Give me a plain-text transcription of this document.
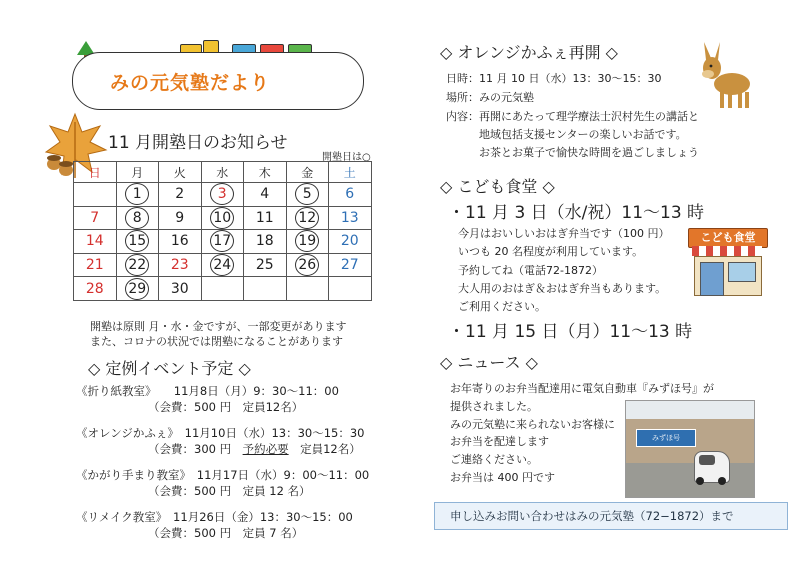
みの元気塾だより
11 月開塾日のお知らせ
開塾日は○
日	月	火	水	木	金	土
	1	2	3	4	5	6
7	8	9	10	11	12	13
14	15	16	17	18	19	20
21	22	23	24	25	26	27
28	29	30				
開塾は原則 月・水・金ですが、一部変更があります
また、コロナの状況では閉塾になることがあります
◇ 定例イベント予定 ◇
《折り紙教室》　　11月8日（月）9：30～11：00
（会費：500 円　定員12名）
《オレンジかふぇ》　11月10日（水）13：30～15：30
（会費：300 円　予約必要　定員12名）
《かがり手まり教室》　11月17日（水）9：00～11：00
（会費：500 円　定員 12 名）
《リメイク教室》　11月26日（金）13：30～15：00
（会費：500 円　定員 7 名）
◇ オレンジかふぇ再開 ◇
日時：11 月 10 日（水）13：30～15：30
場所：みの元気塾
内容：再開にあたって理学療法士沢村先生の講話と
　　　地域包括支援センターの楽しいお話です。
　　　お茶とお菓子で愉快な時間を過ごしましょう
◇ こども食堂 ◇
・11 月 3 日（水/祝）11～13 時
今月はおいしいおはぎ弁当です（100 円）
いつも 20 名程度が利用しています。
予約してね（電話72-1872）
大人用のおはぎ＆おはぎ弁当もあります。
ご利用ください。
・11 月 15 日（月）11～13 時
こども食堂
◇ ニュース ◇
お年寄りのお弁当配達用に電気自動車『みずほ号』が
提供されました。
みの元気塾に来られないお客様に
お弁当を配達します
ご連絡ください。
お弁当は 400 円です
みずほ号
申し込みお問い合わせはみの元気塾（72−1872）まで
